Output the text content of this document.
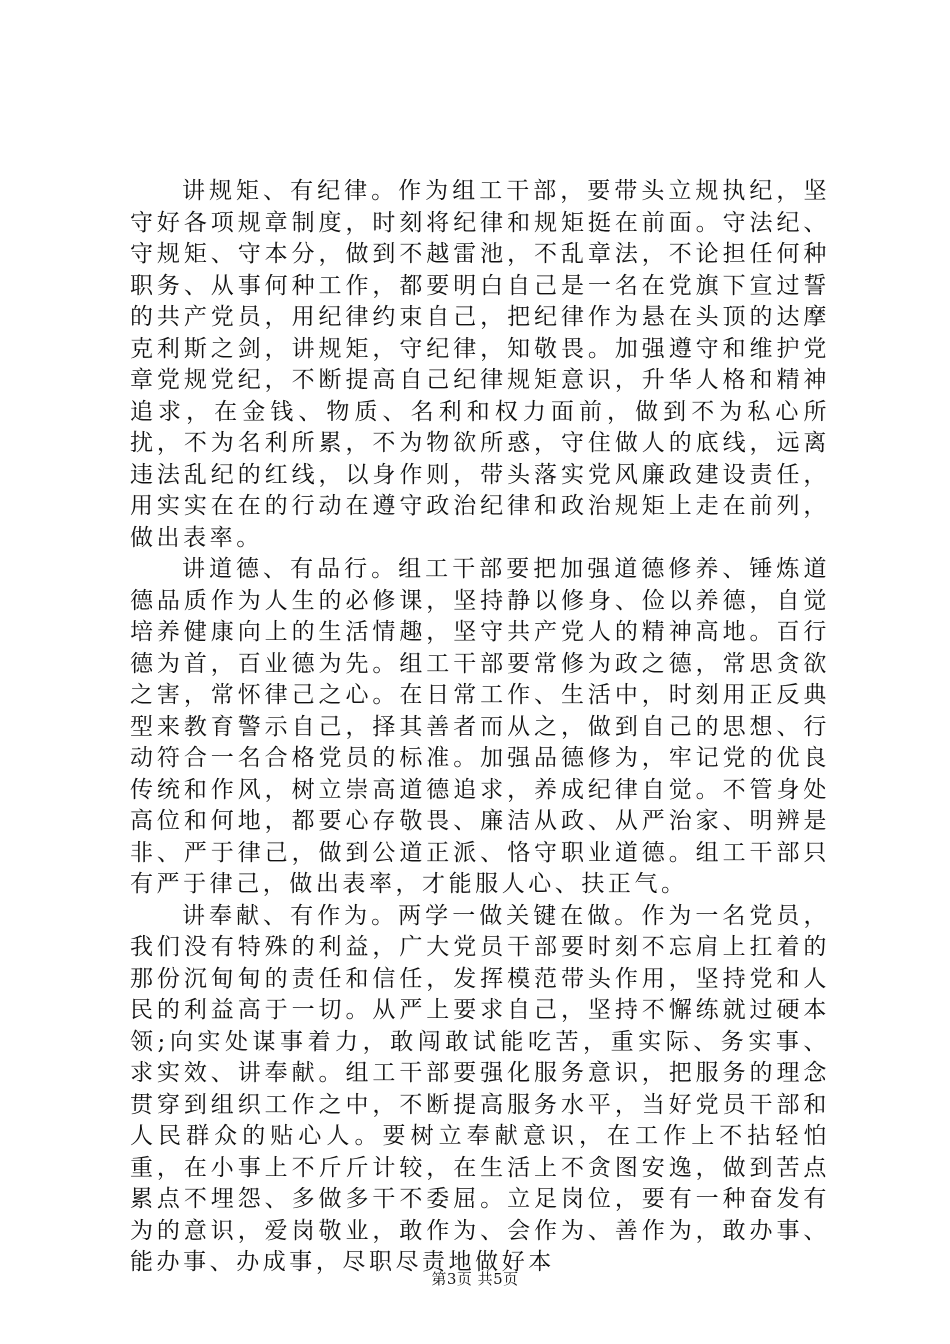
讲规矩、有纪律。作为组工干部，要带头立规执纪，坚守好各项规章制度，时刻将纪律和规矩挺在前面。守法纪、守规矩、守本分，做到不越雷池，不乱章法，不论担任何种职务、从事何种工作，都要明白自己是一名在党旗下宣过誓的共产党员，用纪律约束自己，把纪律作为悬在头顶的达摩克利斯之剑，讲规矩，守纪律，知敬畏。加强遵守和维护党章党规党纪，不断提高自己纪律规矩意识，升华人格和精神追求，在金钱、物质、名利和权力面前，做到不为私心所扰，不为名利所累，不为物欲所惑，守住做人的底线，远离违法乱纪的红线，以身作则，带头落实党风廉政建设责任，用实实在在的行动在遵守政治纪律和政治规矩上走在前列，做出表率。

讲道德、有品行。组工干部要把加强道德修养、锤炼道德品质作为人生的必修课，坚持静以修身、俭以养德，自觉培养健康向上的生活情趣，坚守共产党人的精神高地。百行德为首，百业德为先。组工干部要常修为政之德，常思贪欲之害，常怀律己之心。在日常工作、生活中，时刻用正反典型来教育警示自己，择其善者而从之，做到自己的思想、行动符合一名合格党员的标准。加强品德修为，牢记党的优良传统和作风，树立崇高道德追求，养成纪律自觉。不管身处高位和何地，都要心存敬畏、廉洁从政、从严治家、明辨是非、严于律己，做到公道正派、恪守职业道德。组工干部只有严于律己，做出表率，才能服人心、扶正气。

讲奉献、有作为。两学一做关键在做。作为一名党员，我们没有特殊的利益，广大党员干部要时刻不忘肩上扛着的那份沉甸甸的责任和信任，发挥模范带头作用，坚持党和人民的利益高于一切。从严上要求自己，坚持不懈练就过硬本领;向实处谋事着力，敢闯敢试能吃苦，重实际、务实事、求实效、讲奉献。组工干部要强化服务意识，把服务的理念贯穿到组织工作之中，不断提高服务水平，当好党员干部和人民群众的贴心人。要树立奉献意识，在工作上不拈轻怕重，在小事上不斤斤计较，在生活上不贪图安逸，做到苦点累点不埋怨、多做多干不委屈。立足岗位，要有一种奋发有为的意识，爱岗敬业，敢作为、会作为、善作为，敢办事、能办事、办成事，尽职尽责地做好本

第3页 共5页
